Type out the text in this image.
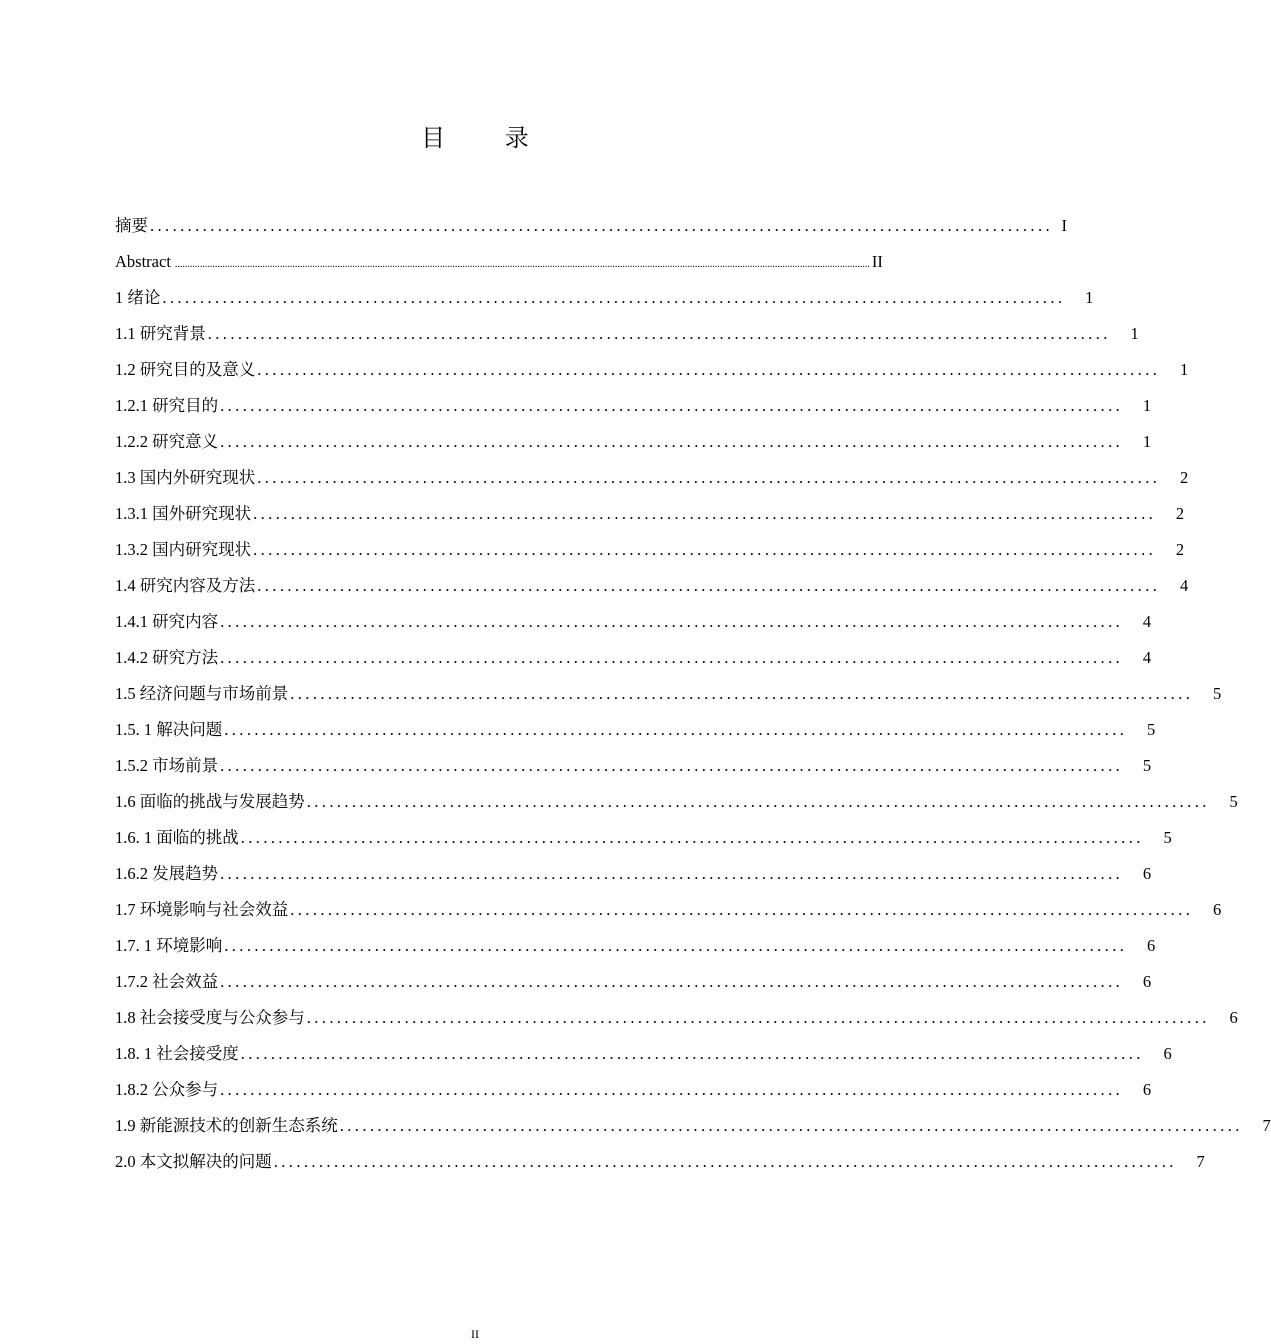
目 录
摘要 ........................................................................................................................ I
Abstract ...................................................................................................................................................................................................................................................................................... II
1 绪论 ........................................................................................................................	1
1.1 研究背景 ........................................................................................................................	1
1.2 研究目的及意义 ........................................................................................................................	1
1.2.1 研究目的 ........................................................................................................................	1
1.2.2 研究意义 ........................................................................................................................	1
1.3 国内外研究现状 ........................................................................................................................	2
1.3.1 国外研究现状 ........................................................................................................................	2
1.3.2 国内研究现状 ........................................................................................................................	2
1.4 研究内容及方法 ........................................................................................................................	4
1.4.1 研究内容 ........................................................................................................................	4
1.4.2 研究方法 ........................................................................................................................	4
1.5 经济问题与市场前景 ........................................................................................................................	5
1.5. 1 解决问题 ........................................................................................................................	5
1.5.2 市场前景 ........................................................................................................................	5
1.6 面临的挑战与发展趋势 ........................................................................................................................	5
1.6. 1 面临的挑战 ........................................................................................................................	5
1.6.2 发展趋势 ........................................................................................................................	6
1.7 环境影响与社会效益 ........................................................................................................................	6
1.7. 1 环境影响 ........................................................................................................................	6
1.7.2 社会效益 ........................................................................................................................	6
1.8 社会接受度与公众参与 ........................................................................................................................	6
1.8. 1 社会接受度 ........................................................................................................................	6
1.8.2 公众参与 ........................................................................................................................	6
1.9 新能源技术的创新生态系统 ........................................................................................................................	7
2.0 本文拟解决的问题 ........................................................................................................................	7
II
